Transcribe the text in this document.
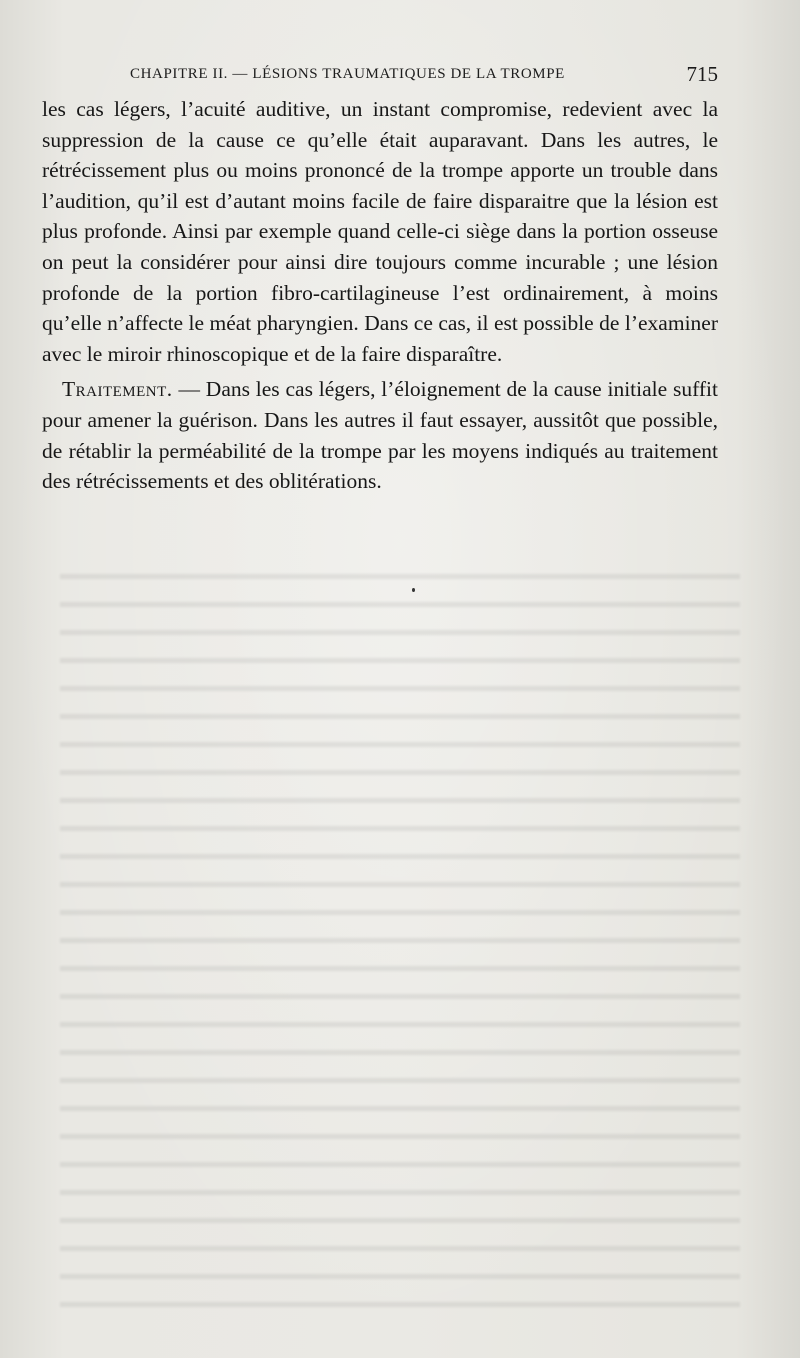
CHAPITRE II. — LÉSIONS TRAUMATIQUES DE LA TROMPE	715

les cas légers, l’acuité auditive, un instant compromise, redevient avec la suppression de la cause ce qu’elle était auparavant. Dans les autres, le rétrécissement plus ou moins prononcé de la trompe apporte un trouble dans l’audition, qu’il est d’autant moins facile de faire disparaitre que la lésion est plus profonde. Ainsi par exemple quand celle-ci siège dans la portion osseuse on peut la considérer pour ainsi dire toujours comme incurable ; une lésion profonde de la portion fibro-cartilagineuse l’est ordinairement, à moins qu’elle n’affecte le méat pharyngien. Dans ce cas, il est possible de l’examiner avec le miroir rhinoscopique et de la faire disparaître.

Traitement. — Dans les cas légers, l’éloignement de la cause initiale suffit pour amener la guérison. Dans les autres il faut essayer, aussitôt que possible, de rétablir la perméabilité de la trompe par les moyens indiqués au traitement des rétrécissements et des oblitérations.
